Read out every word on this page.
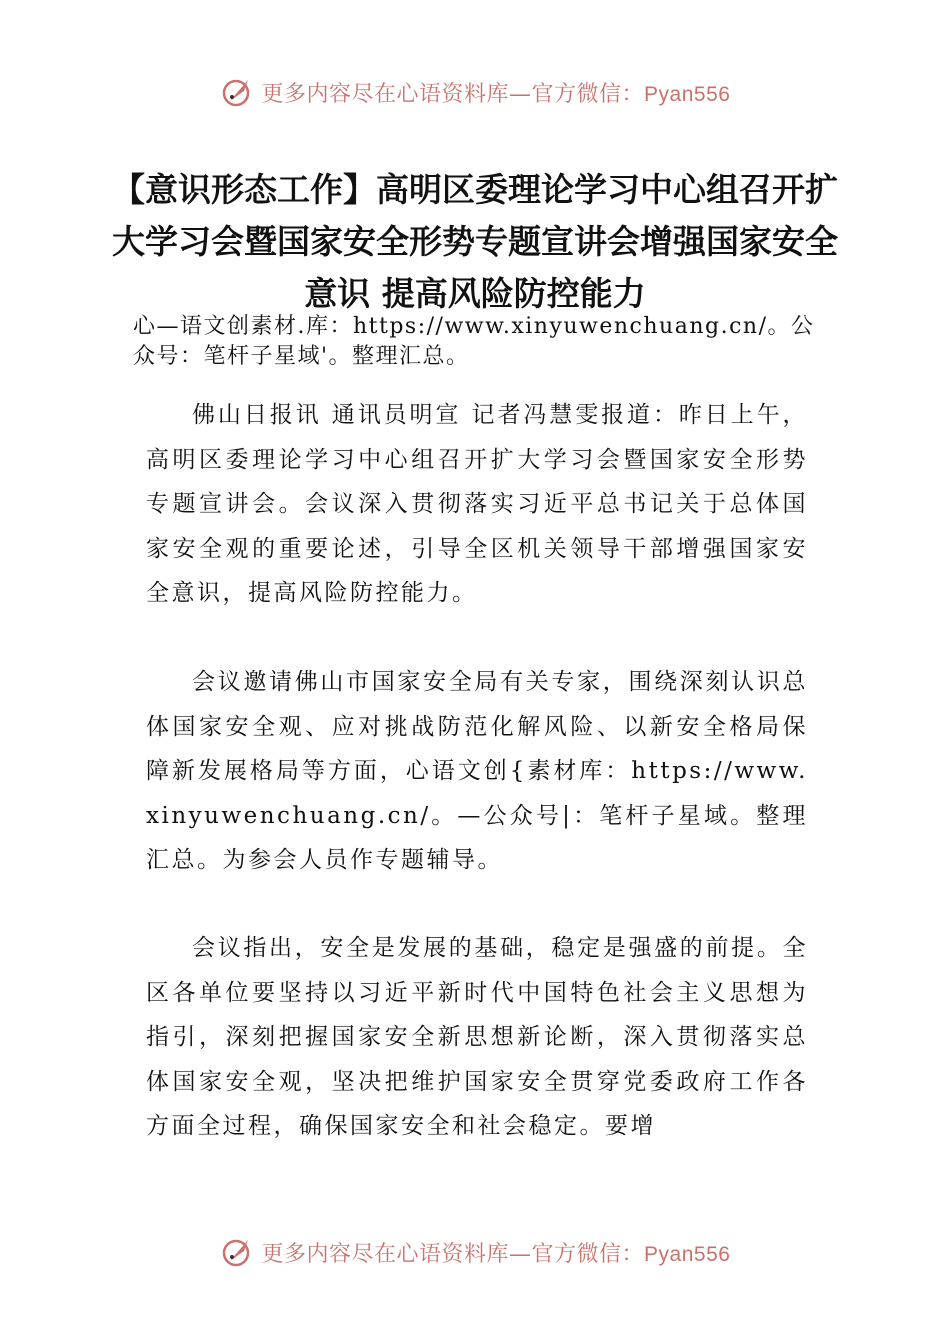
更多内容尽在心语资料库—官方微信：Pyan556
【意识形态工作】高明区委理论学习中心组召开扩大学习会暨国家安全形势专题宣讲会增强国家安全意识 提高风险防控能力

心—语文创素材.库：https://www.xinyuwenchuang.cn/。公众号：笔杆子星域'。整理汇总。

佛山日报讯 通讯员明宣 记者冯慧雯报道：昨日上午，高明区委理论学习中心组召开扩大学习会暨国家安全形势专题宣讲会。会议深入贯彻落实习近平总书记关于总体国家安全观的重要论述，引导全区机关领导干部增强国家安全意识，提高风险防控能力。

会议邀请佛山市国家安全局有关专家，围绕深刻认识总体国家安全观、应对挑战防范化解风险、以新安全格局保障新发展格局等方面，心语文创{素材库：https://www.xinyuwenchuang.cn/。—公众号|：笔杆子星域。整理汇总。为参会人员作专题辅导。

会议指出，安全是发展的基础，稳定是强盛的前提。全区各单位要坚持以习近平新时代中国特色社会主义思想为指引，深刻把握国家安全新思想新论断，深入贯彻落实总体国家安全观，坚决把维护国家安全贯穿党委政府工作各方面全过程，确保国家安全和社会稳定。要增

更多内容尽在心语资料库—官方微信：Pyan556
